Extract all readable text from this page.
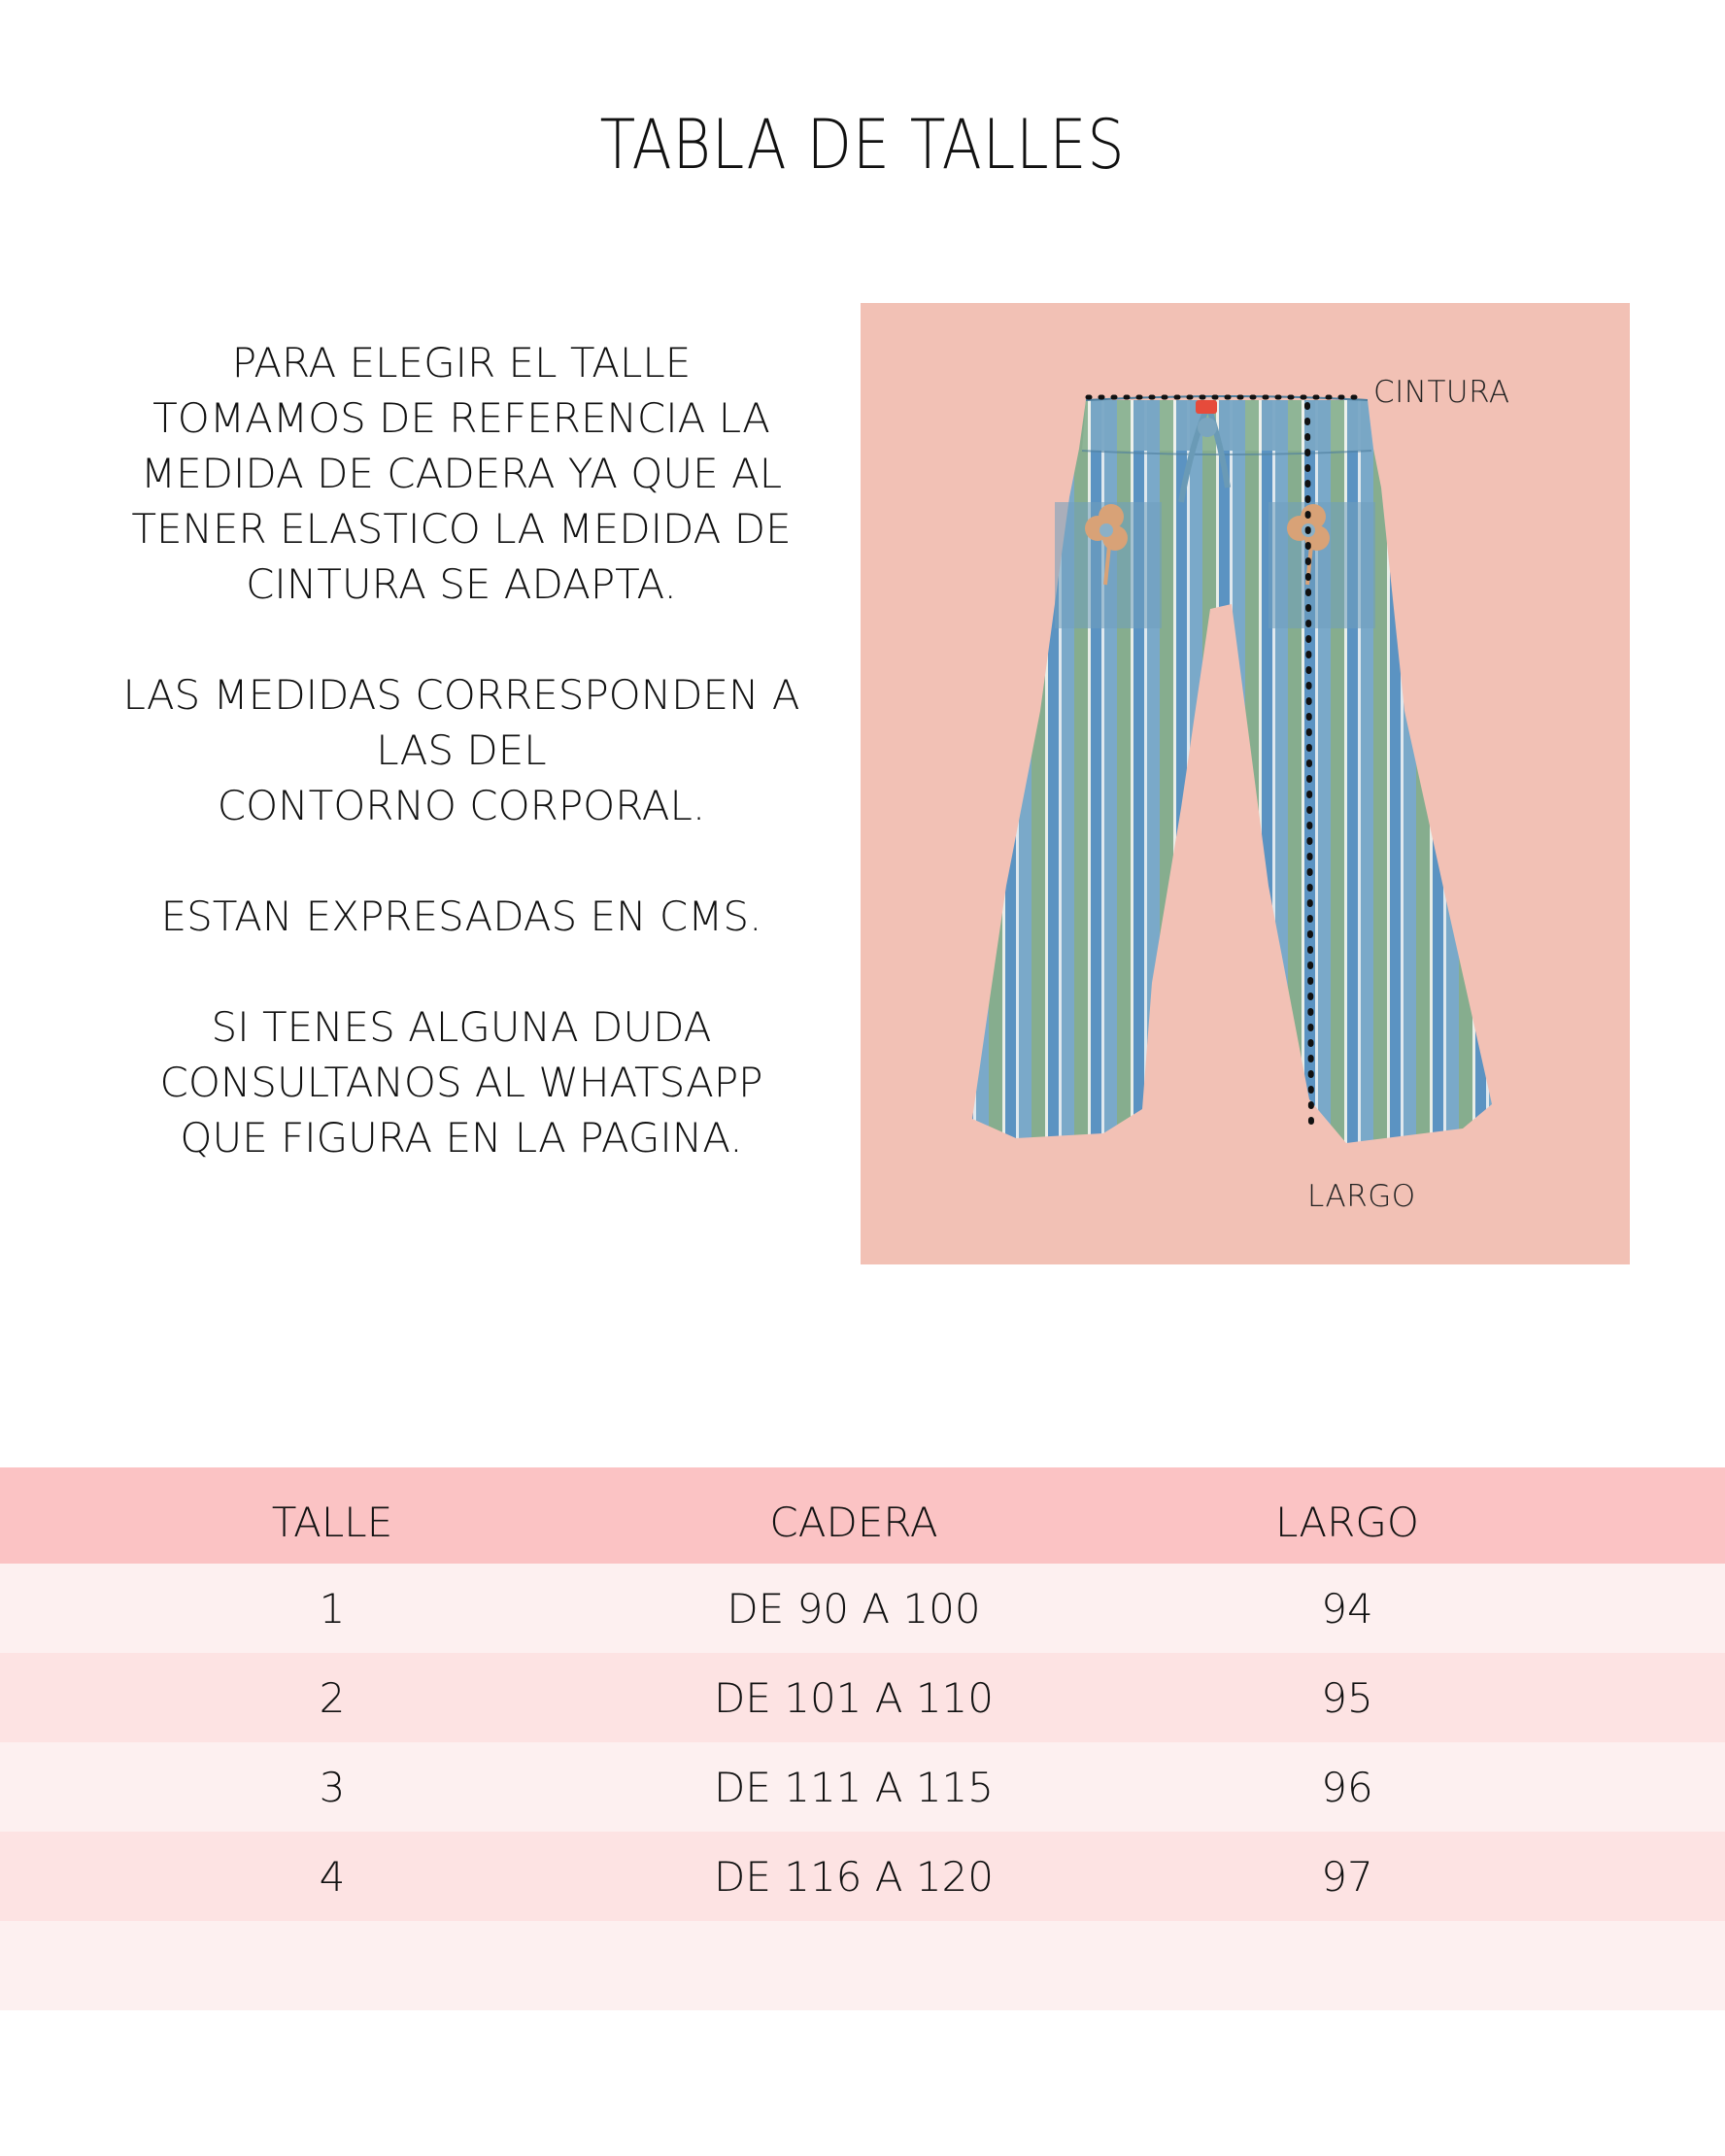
TABLA DE TALLES

PARA ELEGIR EL TALLE
TOMAMOS DE REFERENCIA LA
MEDIDA DE CADERA YA QUE AL
TENER ELASTICO LA MEDIDA DE
CINTURA SE ADAPTA.

LAS MEDIDAS CORRESPONDEN A
LAS DEL
CONTORNO CORPORAL.

ESTAN EXPRESADAS EN CMS.

SI TENES ALGUNA DUDA
CONSULTANOS AL WHATSAPP
QUE FIGURA EN LA PAGINA.

CINTURA
LARGO
TALLE	CADERA	LARGO
1	DE 90 A 100	94
2	DE 101 A 110	95
3	DE 111 A 115	96
4	DE 116 A 120	97
